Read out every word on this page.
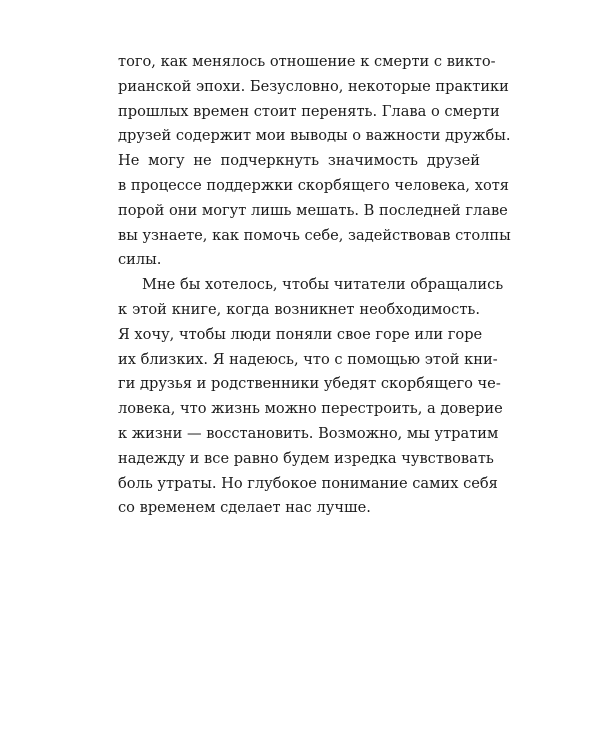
того, как менялось отношение к смерти с викто-
рианской эпохи. Безусловно, некоторые практики
прошлых времен стоит перенять. Глава о смерти
друзей содержит мои выводы о важности дружбы.
Не могу не подчеркнуть значимость друзей
в процессе поддержки скорбящего человека, хотя
порой они могут лишь мешать. В последней главе
вы узнаете, как помочь себе, задействовав столпы
силы.
Мне бы хотелось, чтобы читатели обращались
к этой книге, когда возникнет необходимость.
Я хочу, чтобы люди поняли свое горе или горе
их близких. Я надеюсь, что с помощью этой кни-
ги друзья и родственники убедят скорбящего че-
ловека, что жизнь можно перестроить, а доверие
к жизни — восстановить. Возможно, мы утратим
надежду и все равно будем изредка чувствовать
боль утраты. Но глубокое понимание самих себя
со временем сделает нас лучше.
